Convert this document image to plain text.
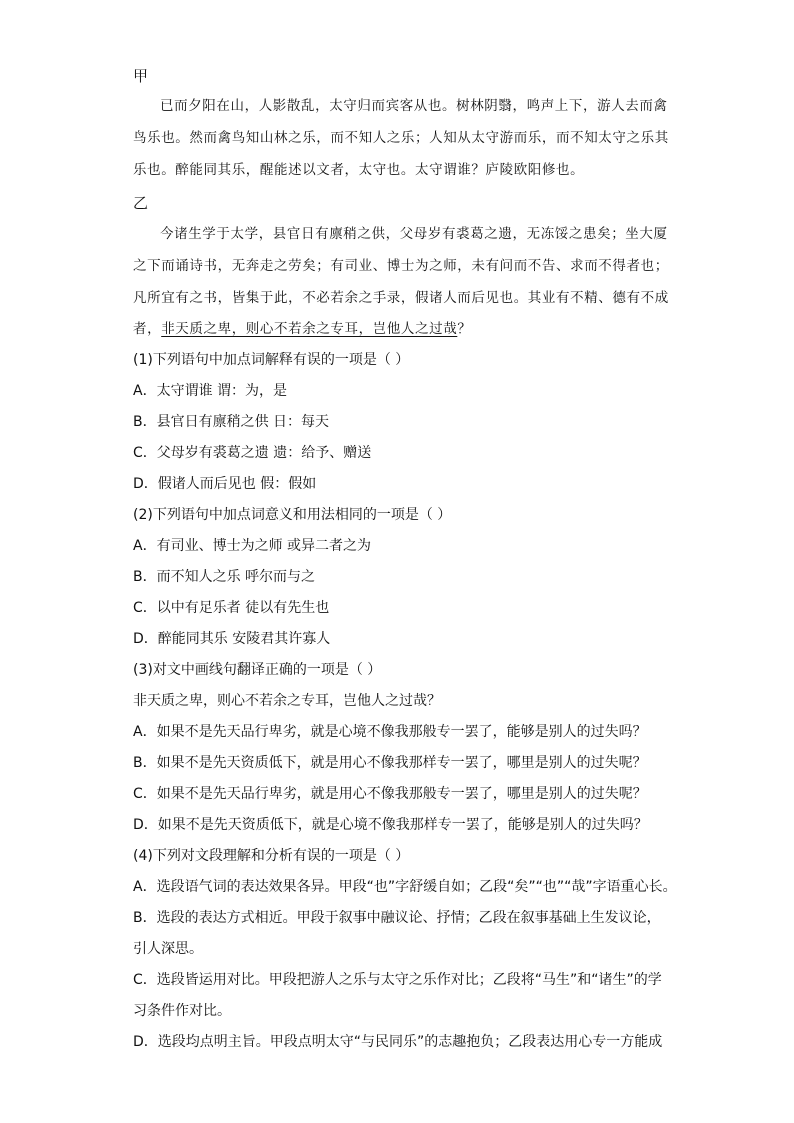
甲
已而夕阳在山，人影散乱，太守归而宾客从也。树林阴翳，鸣声上下，游人去而禽
鸟乐也。然而禽鸟知山林之乐，而不知人之乐；人知从太守游而乐，而不知太守之乐其
乐也。醉能同其乐，醒能述以文者，太守也。太守谓谁？庐陵欧阳修也。
乙
今诸生学于太学，县官日有廪稍之供，父母岁有裘葛之遗，无冻馁之患矣；坐大厦
之下而诵诗书，无奔走之劳矣；有司业、博士为之师，未有问而不告、求而不得者也；
凡所宜有之书，皆集于此，不必若余之手录，假诸人而后见也。其业有不精、德有不成
者，非天质之卑，则心不若余之专耳，岂他人之过哉？
(1)下列语句中加点词解释有误的一项是（ ）
A．太守谓谁 谓：为，是
B．县官日有廪稍之供 日：每天
C．父母岁有裘葛之遗 遗：给予、赠送
D．假诸人而后见也 假：假如
(2)下列语句中加点词意义和用法相同的一项是（ ）
A．有司业、博士为之师 或异二者之为
B．而不知人之乐 呼尔而与之
C．以中有足乐者 徒以有先生也
D．醉能同其乐 安陵君其许寡人
(3)对文中画线句翻译正确的一项是（ ）
非天质之卑，则心不若余之专耳，岂他人之过哉？
A．如果不是先天品行卑劣，就是心境不像我那般专一罢了，能够是别人的过失吗？
B．如果不是先天资质低下，就是用心不像我那样专一罢了，哪里是别人的过失呢？
C．如果不是先天品行卑劣，就是用心不像我那般专一罢了，哪里是别人的过失呢？
D．如果不是先天资质低下，就是心境不像我那样专一罢了，能够是别人的过失吗？
(4)下列对文段理解和分析有误的一项是（ ）
A．选段语气词的表达效果各异。甲段“也”字舒缓自如；乙段“矣”“也”“哉”字语重心长。
B．选段的表达方式相近。甲段于叙事中融议论、抒情；乙段在叙事基础上生发议论，
引人深思。
C．选段皆运用对比。甲段把游人之乐与太守之乐作对比；乙段将“马生”和“诸生”的学
习条件作对比。
D．选段均点明主旨。甲段点明太守“与民同乐”的志趣抱负；乙段表达用心专一方能成
